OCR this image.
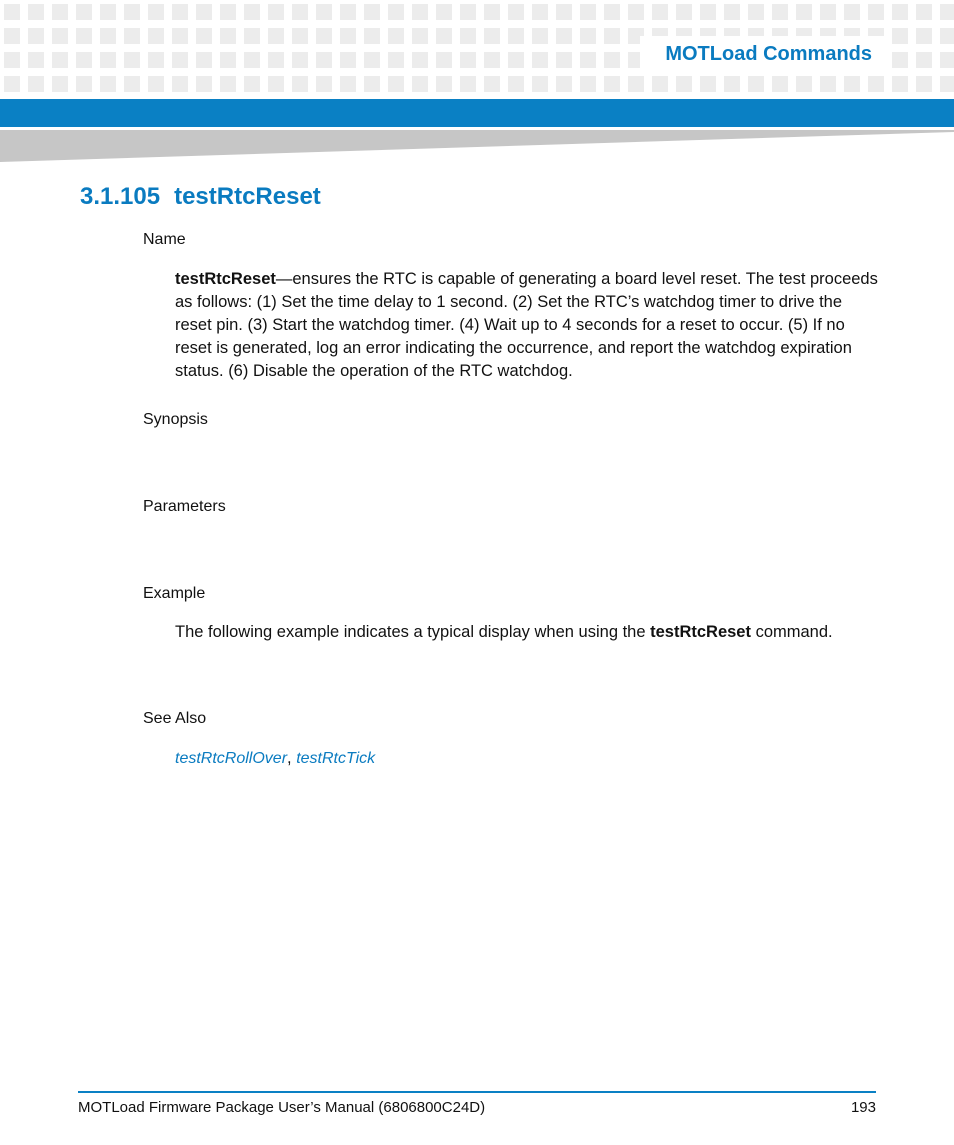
MOTLoad Commands
3.1.105 testRtcReset
Name
testRtcReset—ensures the RTC is capable of generating a board level reset. The test proceeds as follows: (1) Set the time delay to 1 second. (2) Set the RTC’s watchdog timer to drive the reset pin. (3) Start the watchdog timer. (4) Wait up to 4 seconds for a reset to occur. (5) If no reset is generated, log an error indicating the occurrence, and report the watchdog expiration status. (6) Disable the operation of the RTC watchdog.
Synopsis
Parameters
Example
The following example indicates a typical display when using the testRtcReset command.
See Also
testRtcRollOver, testRtcTick
MOTLoad Firmware Package User’s Manual (6806800C24D)	193
